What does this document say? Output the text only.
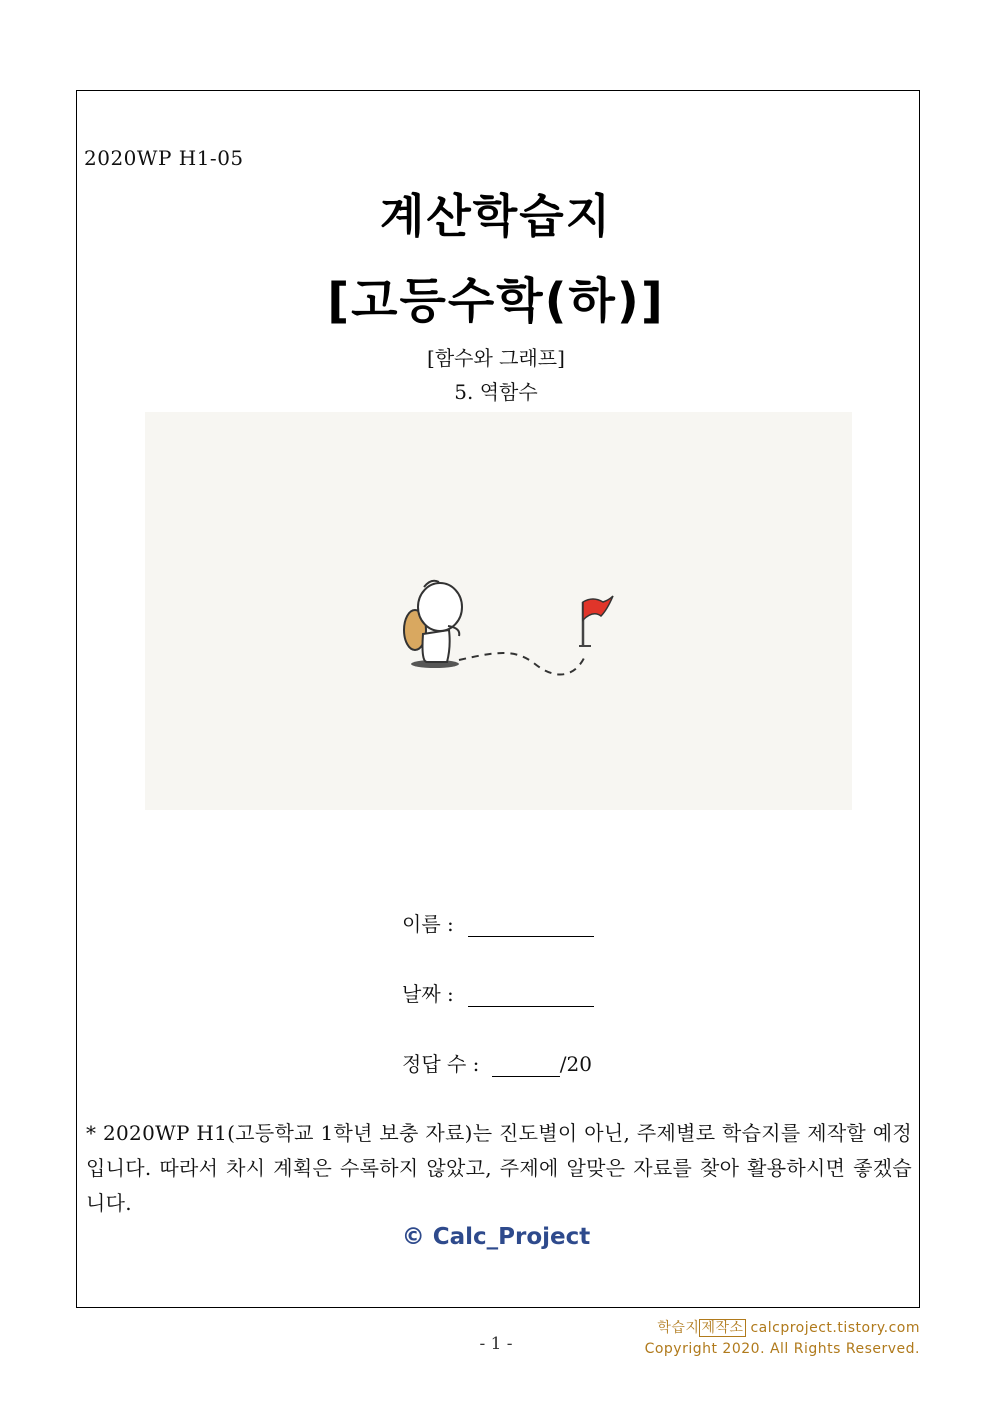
2020WP H1-05
계산학습지
[고등수학(하)]
[함수와 그래프]
5. 역함수
이름 :
날짜 :
정답 수 :	/20
* 2020WP H1(고등학교 1학년 보충 자료)는 진도별이 아닌, 주제별로 학습지를 제작할 예정입니다. 따라서 차시 계획은 수록하지 않았고, 주제에 알맞은 자료를 찾아 활용하시면 좋겠습니다.
© Calc_Project
- 1 -
학습지 제작소 calcproject.tistory.com
Copyright 2020. All Rights Reserved.
